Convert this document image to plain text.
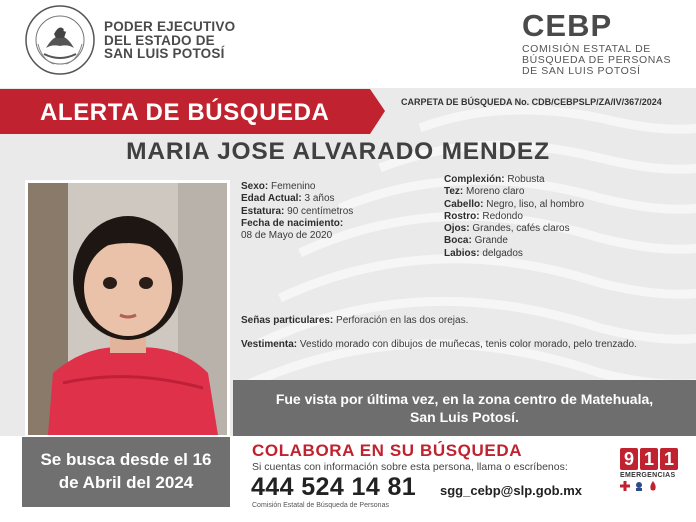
PODER EJECUTIVO
DEL ESTADO DE
SAN LUIS POTOSÍ
CEBP
COMISIÓN ESTATAL DE
BÚSQUEDA DE PERSONAS
DE SAN LUIS POTOSÍ
ALERTA DE BÚSQUEDA	CARPETA DE BÚSQUEDA No. CDB/CEBPSLP/ZA/IV/367/2024
MARIA JOSE ALVARADO MENDEZ
Sexo: Femenino
Edad Actual: 3 años
Estatura: 90 centímetros
Fecha de nacimiento:
08 de Mayo de 2020
Complexión: Robusta
Tez: Moreno claro
Cabello: Negro, liso, al hombro
Rostro: Redondo
Ojos: Grandes, cafés claros
Boca: Grande
Labios: delgados
Señas particulares: Perforación en las dos orejas.
Vestimenta: Vestido morado con dibujos de muñecas, tenis color morado, pelo trenzado.
Fue vista por última vez, en la zona centro de Matehuala,
San Luis Potosí.
Se busca desde el 16
de Abril del 2024
COLABORA EN SU BÚSQUEDA
Si cuentas con información sobre esta persona, llama o escríbenos:
444 524 14 81 sgg_cebp@slp.gob.mx
Comisión Estatal de Búsqueda de Personas
9 1 1
EMERGENCIAS
